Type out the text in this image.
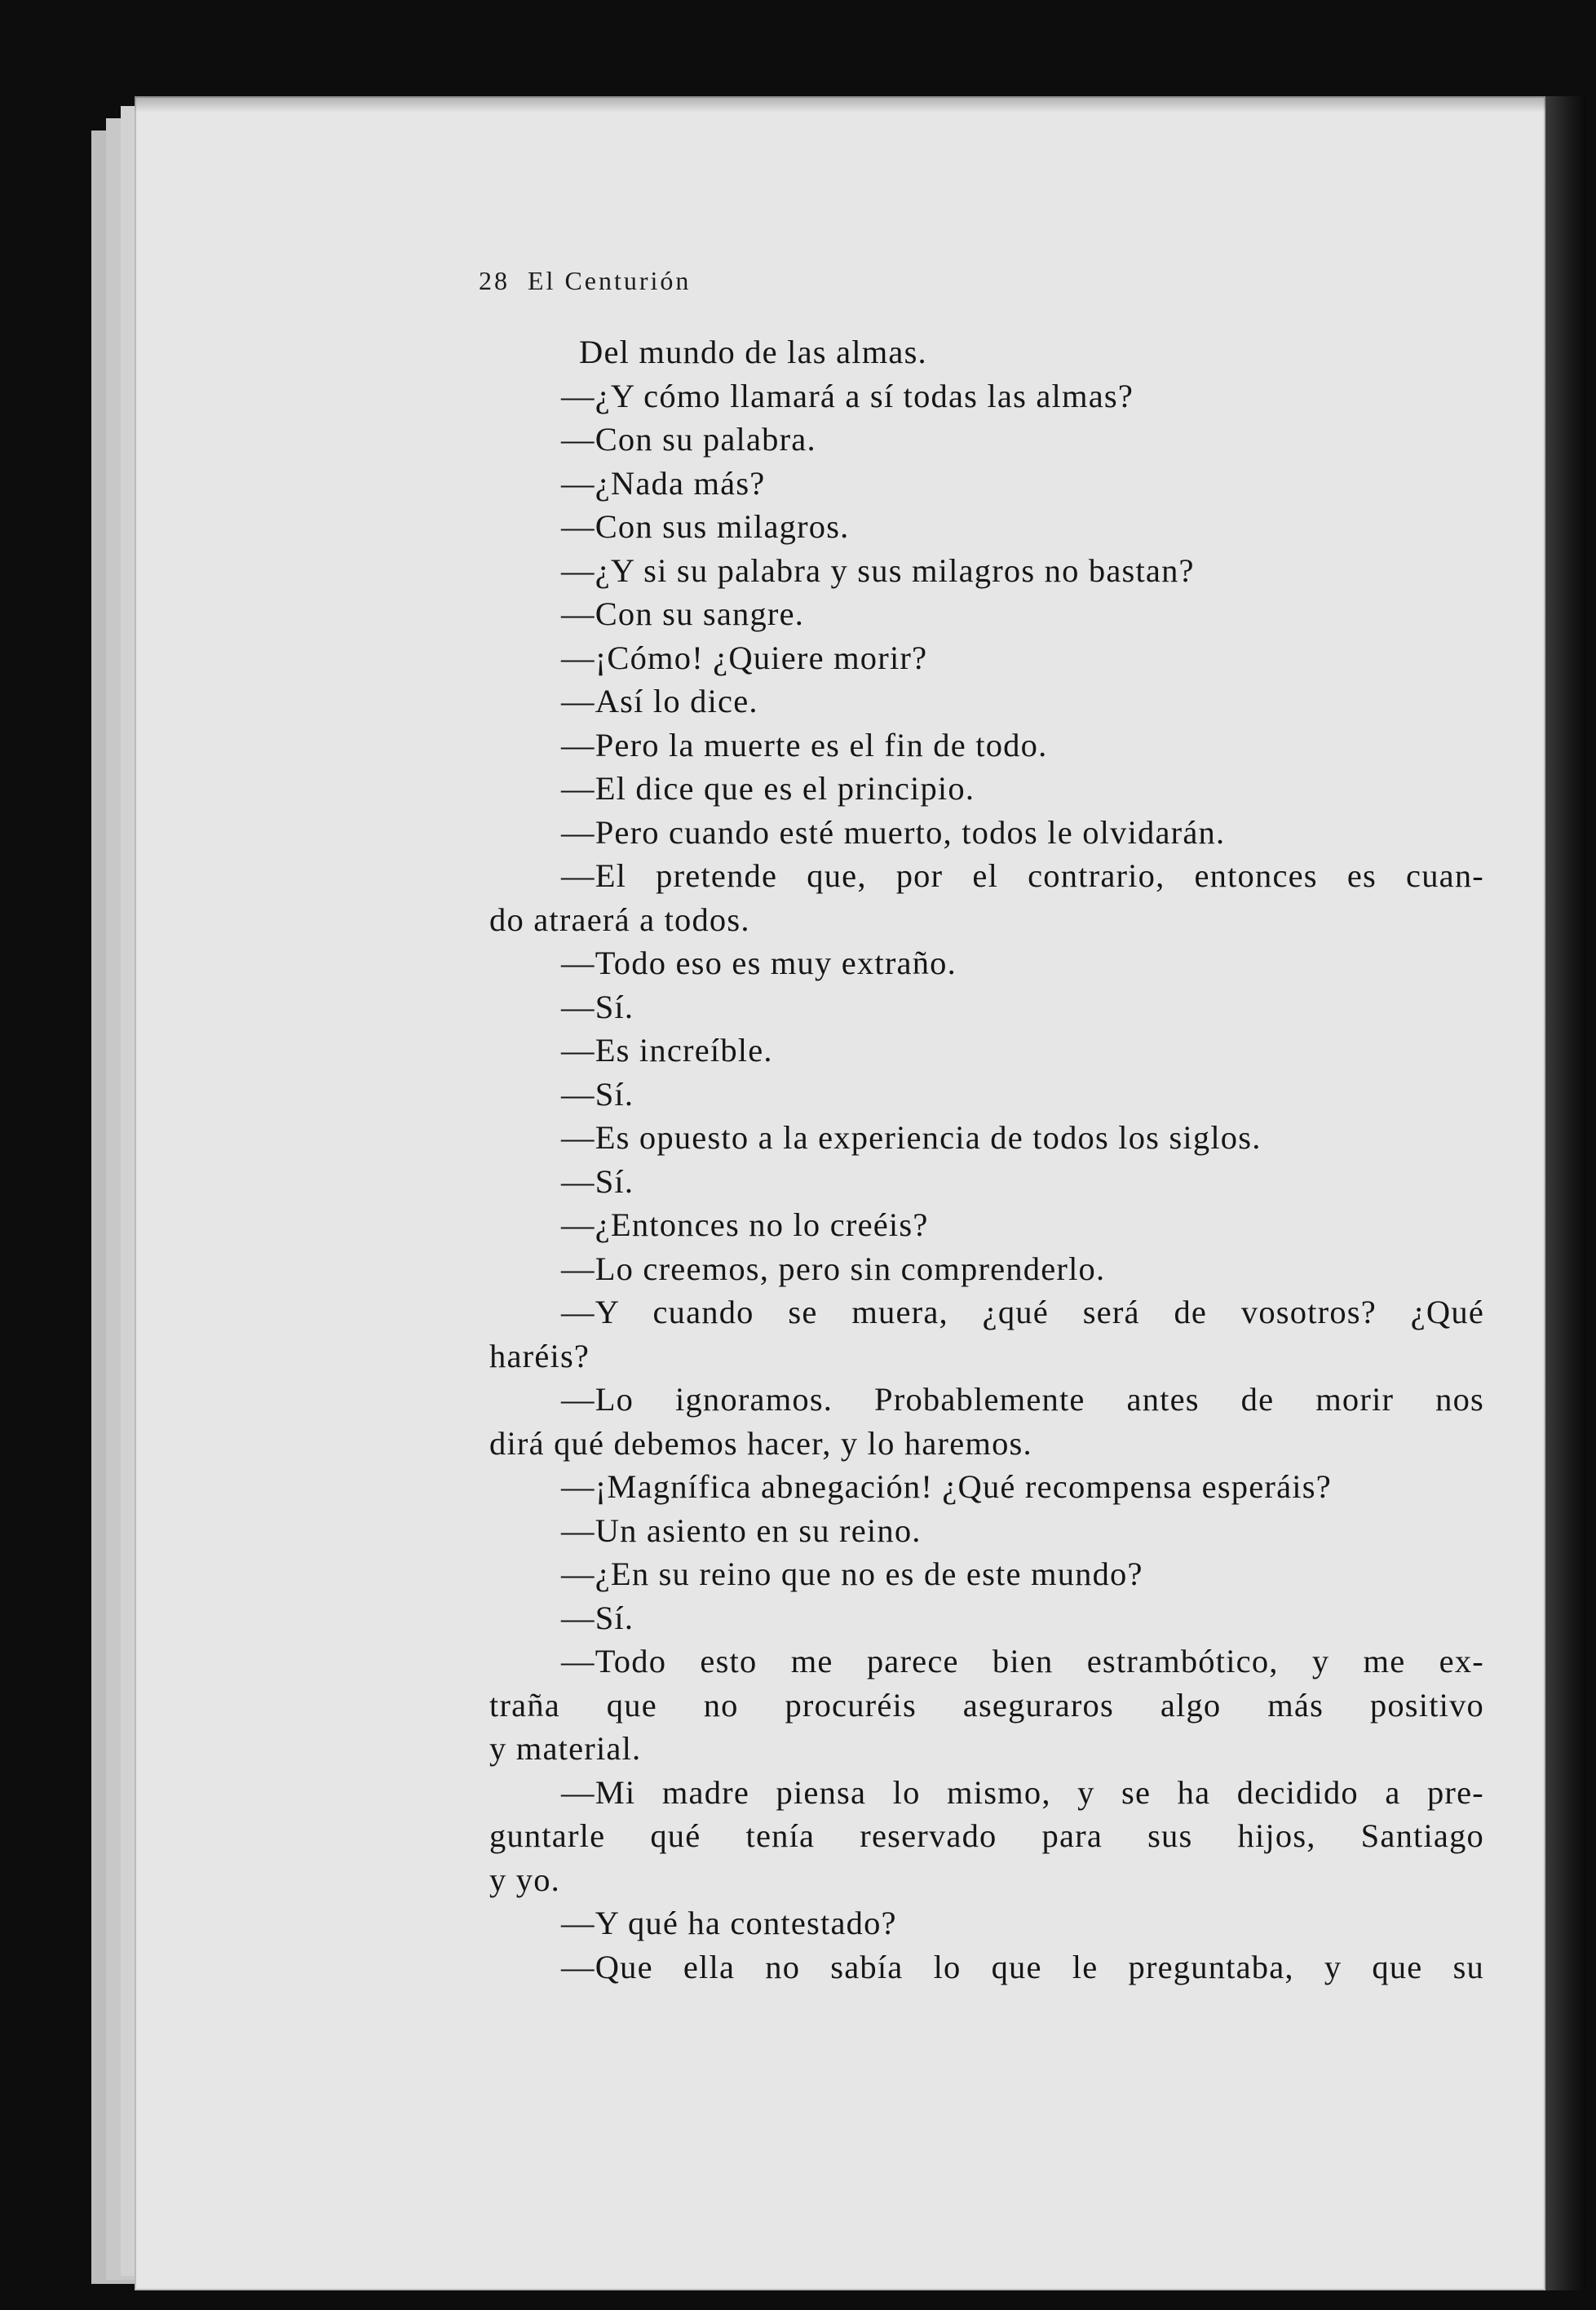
28 El Centurión
Del mundo de las almas.
—¿Y cómo llamará a sí todas las almas?
—Con su palabra.
—¿Nada más?
—Con sus milagros.
—¿Y si su palabra y sus milagros no bastan?
—Con su sangre.
—¡Cómo! ¿Quiere morir?
—Así lo dice.
—Pero la muerte es el fin de todo.
—El dice que es el principio.
—Pero cuando esté muerto, todos le olvidarán.
—El pretende que, por el contrario, entonces es cuan-
do atraerá a todos.
—Todo eso es muy extraño.
—Sí.
—Es increíble.
—Sí.
—Es opuesto a la experiencia de todos los siglos.
—Sí.
—¿Entonces no lo creéis?
—Lo creemos, pero sin comprenderlo.
—Y cuando se muera, ¿qué será de vosotros? ¿Qué
haréis?
—Lo ignoramos. Probablemente antes de morir nos
dirá qué debemos hacer, y lo haremos.
—¡Magnífica abnegación! ¿Qué recompensa esperáis?
—Un asiento en su reino.
—¿En su reino que no es de este mundo?
—Sí.
—Todo esto me parece bien estrambótico, y me ex-
traña que no procuréis aseguraros algo más positivo
y material.
—Mi madre piensa lo mismo, y se ha decidido a pre-
guntarle qué tenía reservado para sus hijos, Santiago
y yo.
—Y qué ha contestado?
—Que ella no sabía lo que le preguntaba, y que su
